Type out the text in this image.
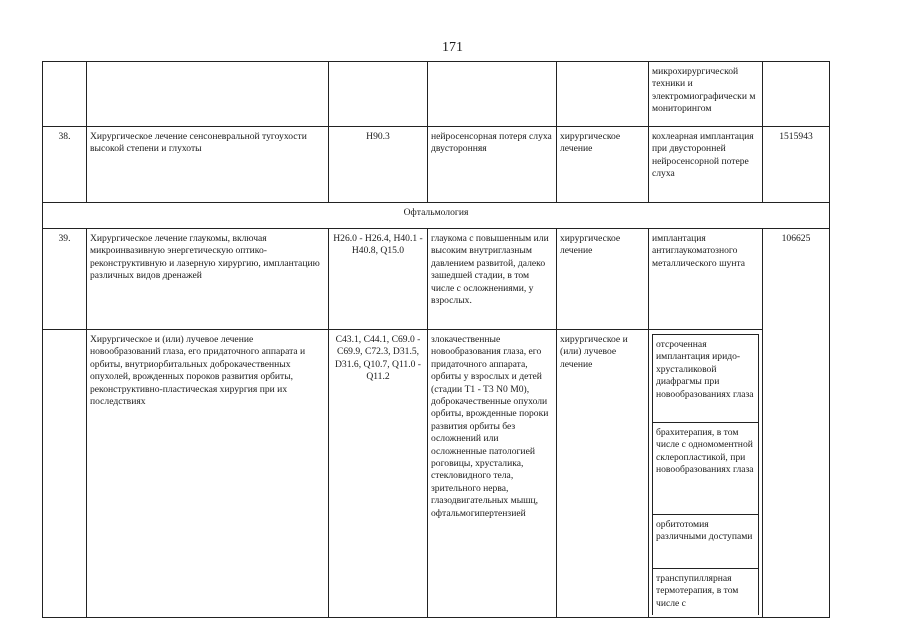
171
					микрохирургической техники и электромиографически м мониторингом	
38.	Хирургическое лечение сенсоневральной тугоухости высокой степени и глухоты	H90.3	нейросенсорная потеря слуха двусторонняя	хирургическое лечение	кохлеарная имплантация при двусторонней нейросенсорной потере слуха	1515943
Офтальмология
39.	Хирургическое лечение глаукомы, включая микроинвазивную энергетическую оптико-реконструктивную и лазерную хирургию, имплантацию различных видов дренажей	H26.0 - H26.4, H40.1 - H40.8, Q15.0	глаукома с повышенным или высоким внутриглазным давлением развитой, далеко зашедшей стадии, в том числе с осложнениями, у взрослых.	хирургическое лечение	имплантация антиглаукоматозного металлического шунта	106625
	Хирургическое и (или) лучевое лечение новообразований глаза, его придаточного аппарата и орбиты, внутриорбитальных доброкачественных опухолей, врожденных пороков развития орбиты, реконструктивно-пластическая хирургия при их последствиях	C43.1, C44.1, C69.0 - C69.9, C72.3, D31.5, D31.6, Q10.7, Q11.0 - Q11.2	злокачественные новообразования глаза, его придаточного аппарата, орбиты у взрослых и детей (стадии T1 - T3 N0 M0), доброкачественные опухоли орбиты, врожденные пороки развития орбиты без осложнений или осложненные патологией роговицы, хрусталика, стекловидного тела, зрительного нерва, глазодвигательных мышц, офтальмогипертензией	хирургическое и (или) лучевое лечение	
отсроченная имплантация иридо-хрусталиковой диафрагмы при новообразованиях глаза
брахитерапия, в том числе с одномоментной склеропластикой, при новообразованиях глаза
орбитотомия различными доступами
транспупиллярная термотерапия, в том числе с
